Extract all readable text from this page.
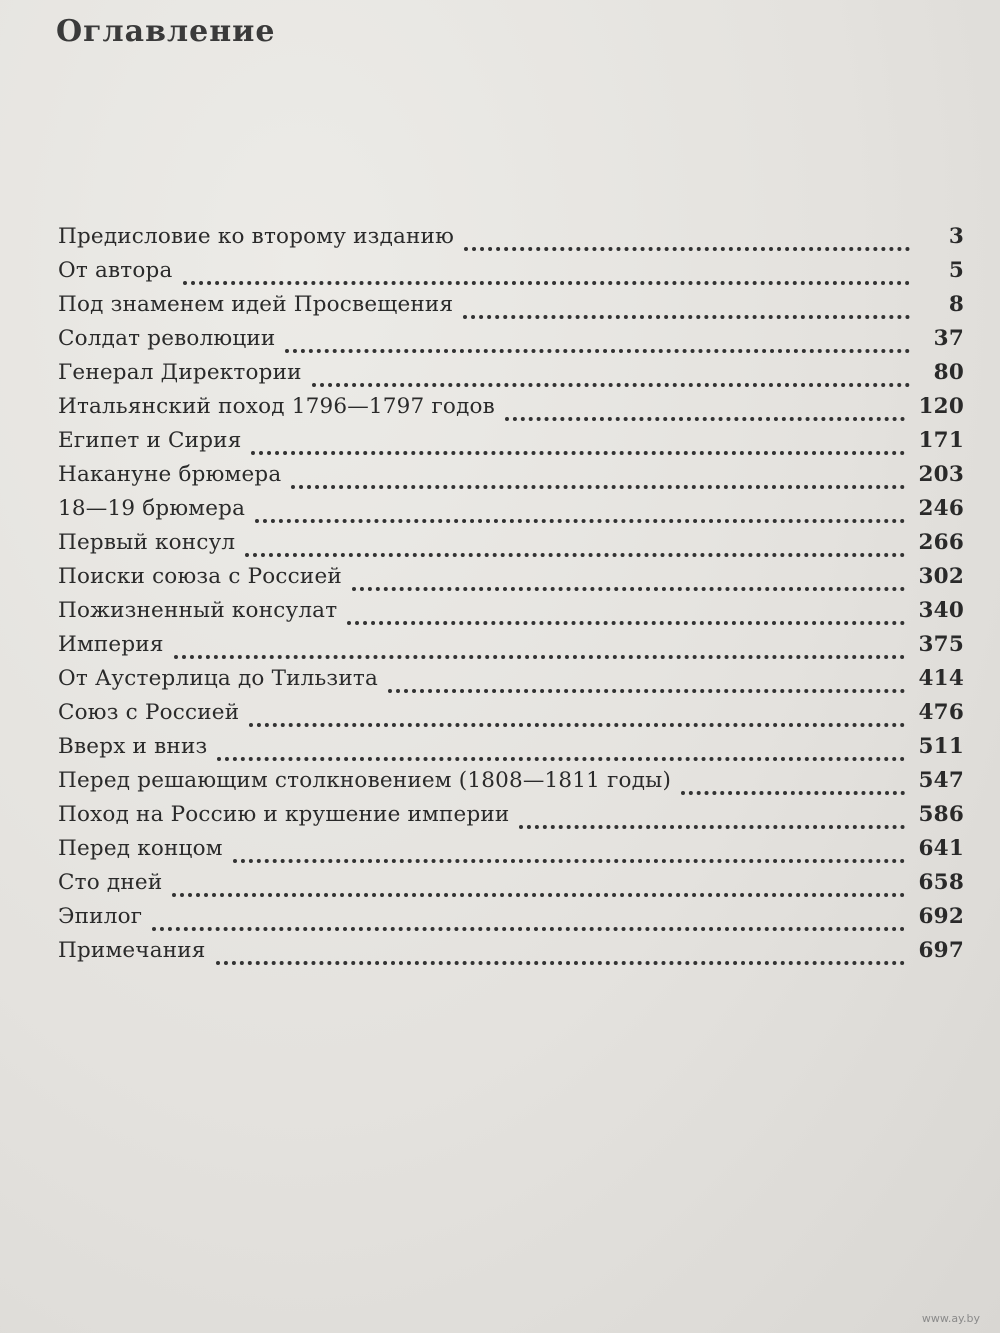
Оглавление
Предисловие ко второму изданию	3
От автора	5
Под знаменем идей Просвещения	8
Солдат революции	37
Генерал Директории	80
Итальянский поход 1796—1797 годов	120
Египет и Сирия	171
Накануне брюмера	203
18—19 брюмера	246
Первый консул	266
Поиски союза с Россией	302
Пожизненный консулат	340
Империя	375
От Аустерлица до Тильзита	414
Союз с Россией	476
Вверх и вниз	511
Перед решающим столкновением (1808—1811 годы)	547
Поход на Россию и крушение империи	586
Перед концом	641
Сто дней	658
Эпилог	692
Примечания	697
www.ay.by
